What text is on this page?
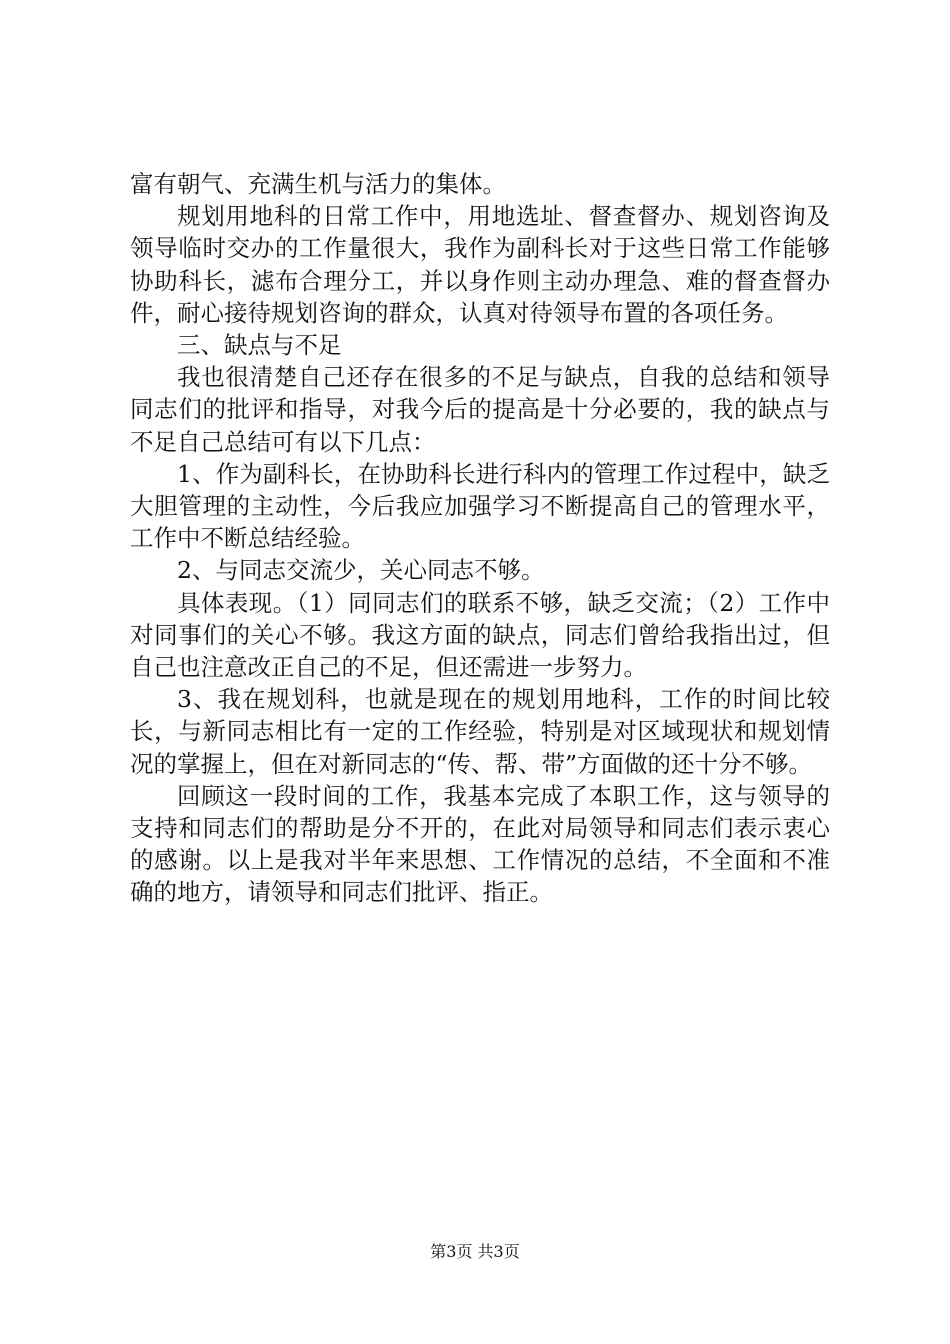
富有朝气、充满生机与活力的集体。

规划用地科的日常工作中，用地选址、督查督办、规划咨询及领导临时交办的工作量很大，我作为副科长对于这些日常工作能够协助科长，滤布合理分工，并以身作则主动办理急、难的督查督办件，耐心接待规划咨询的群众，认真对待领导布置的各项任务。

三、缺点与不足

我也很清楚自己还存在很多的不足与缺点，自我的总结和领导同志们的批评和指导，对我今后的提高是十分必要的，我的缺点与不足自己总结可有以下几点：

1、作为副科长，在协助科长进行科内的管理工作过程中，缺乏大胆管理的主动性，今后我应加强学习不断提高自己的管理水平，工作中不断总结经验。

2、与同志交流少，关心同志不够。

具体表现。（1）同同志们的联系不够，缺乏交流；（2）工作中对同事们的关心不够。我这方面的缺点，同志们曾给我指出过，但自己也注意改正自己的不足，但还需进一步努力。

3、我在规划科，也就是现在的规划用地科，工作的时间比较长，与新同志相比有一定的工作经验，特别是对区域现状和规划情况的掌握上，但在对新同志的“传、帮、带”方面做的还十分不够。

回顾这一段时间的工作，我基本完成了本职工作，这与领导的支持和同志们的帮助是分不开的，在此对局领导和同志们表示衷心的感谢。以上是我对半年来思想、工作情况的总结，不全面和不准确的地方，请领导和同志们批评、指正。

第3页 共3页
